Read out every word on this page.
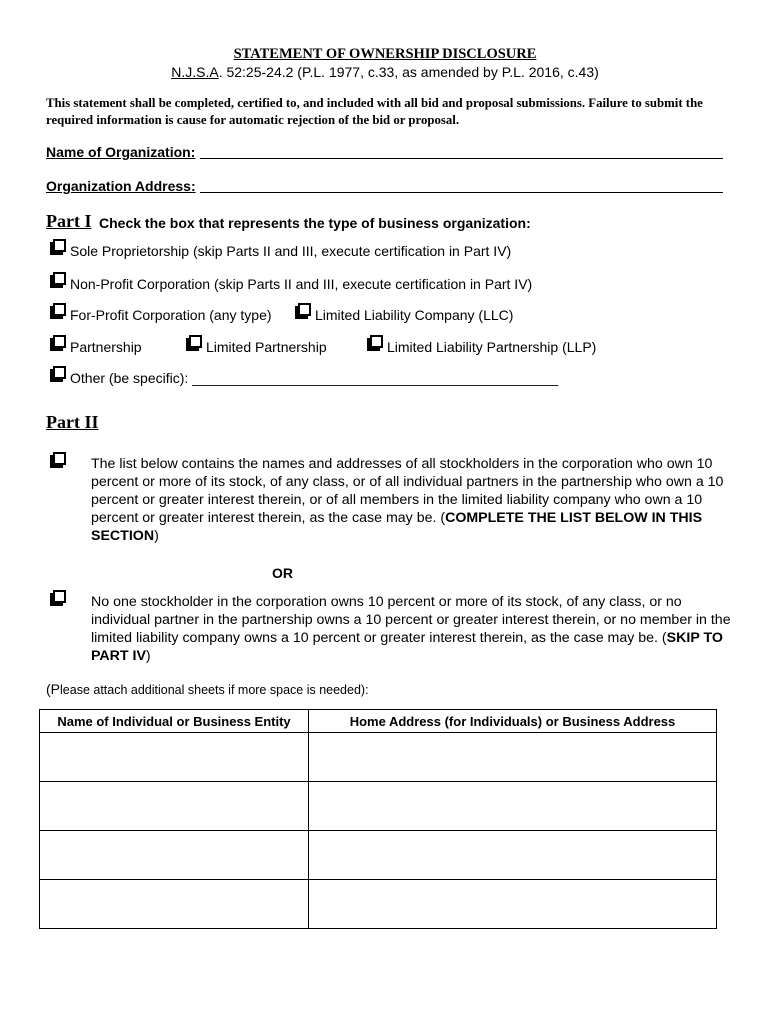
STATEMENT OF OWNERSHIP DISCLOSURE
N.J.S.A. 52:25-24.2 (P.L. 1977, c.33, as amended by P.L. 2016, c.43)
This statement shall be completed, certified to, and included with all bid and proposal submissions. Failure to submit the required information is cause for automatic rejection of the bid or proposal.
Name of Organization:
Organization Address:
Part I Check the box that represents the type of business organization:
Sole Proprietorship (skip Parts II and III, execute certification in Part IV)
Non-Profit Corporation (skip Parts II and III, execute certification in Part IV)
For-Profit Corporation (any type)	Limited Liability Company (LLC)
Partnership	Limited Partnership	Limited Liability Partnership (LLP)
Other (be specific): _______________________________________________
Part II
The list below contains the names and addresses of all stockholders in the corporation who own 10 percent or more of its stock, of any class, or of all individual partners in the partnership who own a 10 percent or greater interest therein, or of all members in the limited liability company who own a 10 percent or greater interest therein, as the case may be. (COMPLETE THE LIST BELOW IN THIS SECTION)
OR
No one stockholder in the corporation owns 10 percent or more of its stock, of any class, or no individual partner in the partnership owns a 10 percent or greater interest therein, or no member in the limited liability company owns a 10 percent or greater interest therein, as the case may be. (SKIP TO PART IV)
(Please attach additional sheets if more space is needed):
Name of Individual or Business Entity	Home Address (for Individuals) or Business Address
